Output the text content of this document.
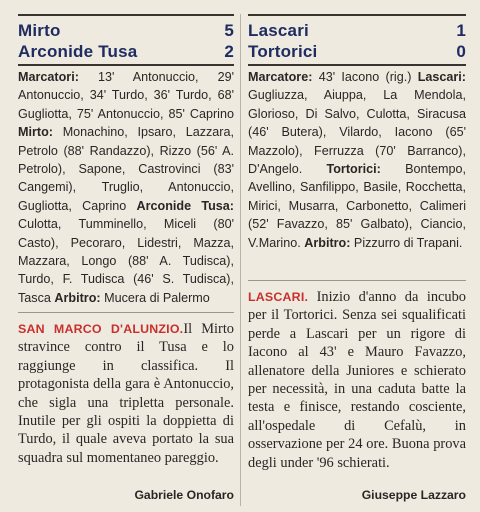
Mirto	5
Arconide Tusa	2
Marcatori: 13' Antonuccio, 29' Antonuccio, 34' Turdo, 36' Turdo, 68' Gugliotta, 75' Antonuccio, 85' Caprino Mirto: Monachino, Ipsaro, Lazzara, Petrolo (88' Randazzo), Rizzo (56' A. Petrolo), Sapone, Castrovinci (83' Cangemi), Truglio, Antonuccio, Gugliotta, Caprino Arconide Tusa: Culotta, Tumminello, Miceli (80' Casto), Pecoraro, Lidestri, Mazza, Mazzara, Longo (88' A. Tudisca), Turdo, F. Tudisca (46' S. Tudisca), Tasca Arbitro: Mucera di Palermo
SAN MARCO D'ALUNZIO.Il Mirto stravince contro il Tusa e lo raggiunge in classifica. Il protagonista della gara è Antonuccio, che sigla una tripletta personale. Inutile per gli ospiti la doppietta di Turdo, il quale aveva portato la sua squadra sul momentaneo pareggio.
Gabriele Onofaro
Lascari	1
Tortorici	0
Marcatore: 43' Iacono (rig.) Lascari: Gugliuzza, Aiuppa, La Mendola, Glorioso, Di Salvo, Culotta, Siracusa (46' Butera), Vilardo, Iacono (65' Mazzolo), Ferruzza (70' Barranco), D'Angelo. Tortorici: Bontempo, Avellino, Sanfilippo, Basile, Rocchetta, Mirici, Musarra, Carbonetto, Calimeri (52' Favazzo, 85' Galbato), Ciancio, V.Marino. Arbitro: Pizzurro di Trapani.
LASCARI. Inizio d'anno da incubo per il Tortorici. Senza sei squalificati perde a Lascari per un rigore di Iacono al 43' e Mauro Favazzo, allenatore della Juniores e schierato per necessità, in una caduta batte la testa e finisce, restando cosciente, all'ospedale di Cefalù, in osservazione per 24 ore. Buona prova degli under '96 schierati.
Giuseppe Lazzaro
